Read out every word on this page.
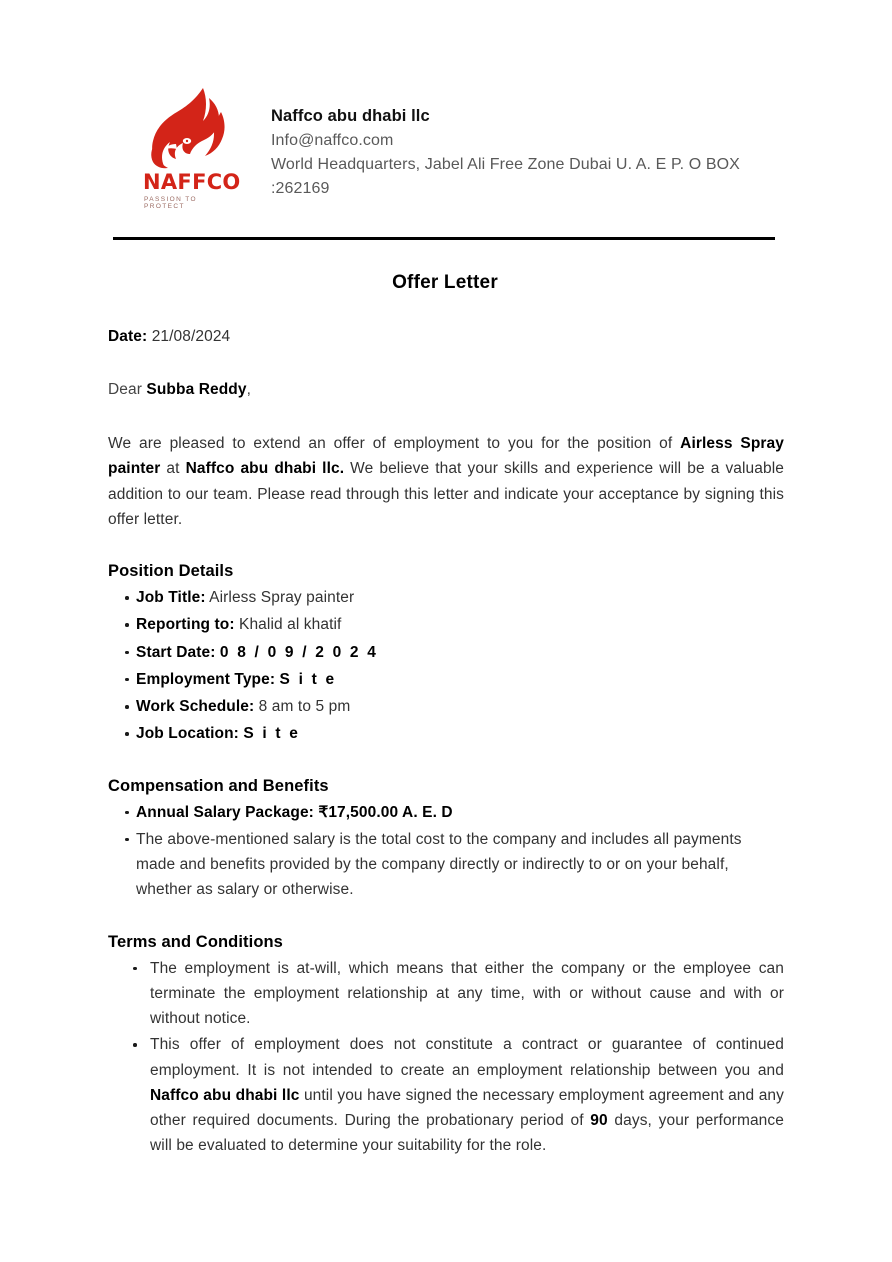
NAFFCO
PASSION TO PROTECT
Naffco abu dhabi llc
Info@naffco.com
World Headquarters, Jabel Ali Free Zone Dubai U. A. E P. O BOX
:262169
Offer Letter

Date: 21/08/2024

Dear Subba Reddy,

We are pleased to extend an offer of employment to you for the position of Airless Spray painter at Naffco abu dhabi llc. We believe that your skills and experience will be a valuable addition to our team. Please read through this letter and indicate your acceptance by signing this offer letter.

Position Details
Job Title: Airless Spray painter
Reporting to: Khalid al khatif
Start Date: 0 8 / 0 9 / 2 0 2 4
Employment Type: S i t e
Work Schedule: 8 am to 5 pm
Job Location: S i t e
Compensation and Benefits
Annual Salary Package: ₹17,500.00 A. E. D
The above-mentioned salary is the total cost to the company and includes all payments made and benefits provided by the company directly or indirectly to or on your behalf, whether as salary or otherwise.
Terms and Conditions
The employment is at-will, which means that either the company or the employee can terminate the employment relationship at any time, with or without cause and with or without notice.
This offer of employment does not constitute a contract or guarantee of continued employment. It is not intended to create an employment relationship between you and Naffco abu dhabi llc until you have signed the necessary employment agreement and any other required documents. During the probationary period of 90 days, your performance will be evaluated to determine your suitability for the role.
